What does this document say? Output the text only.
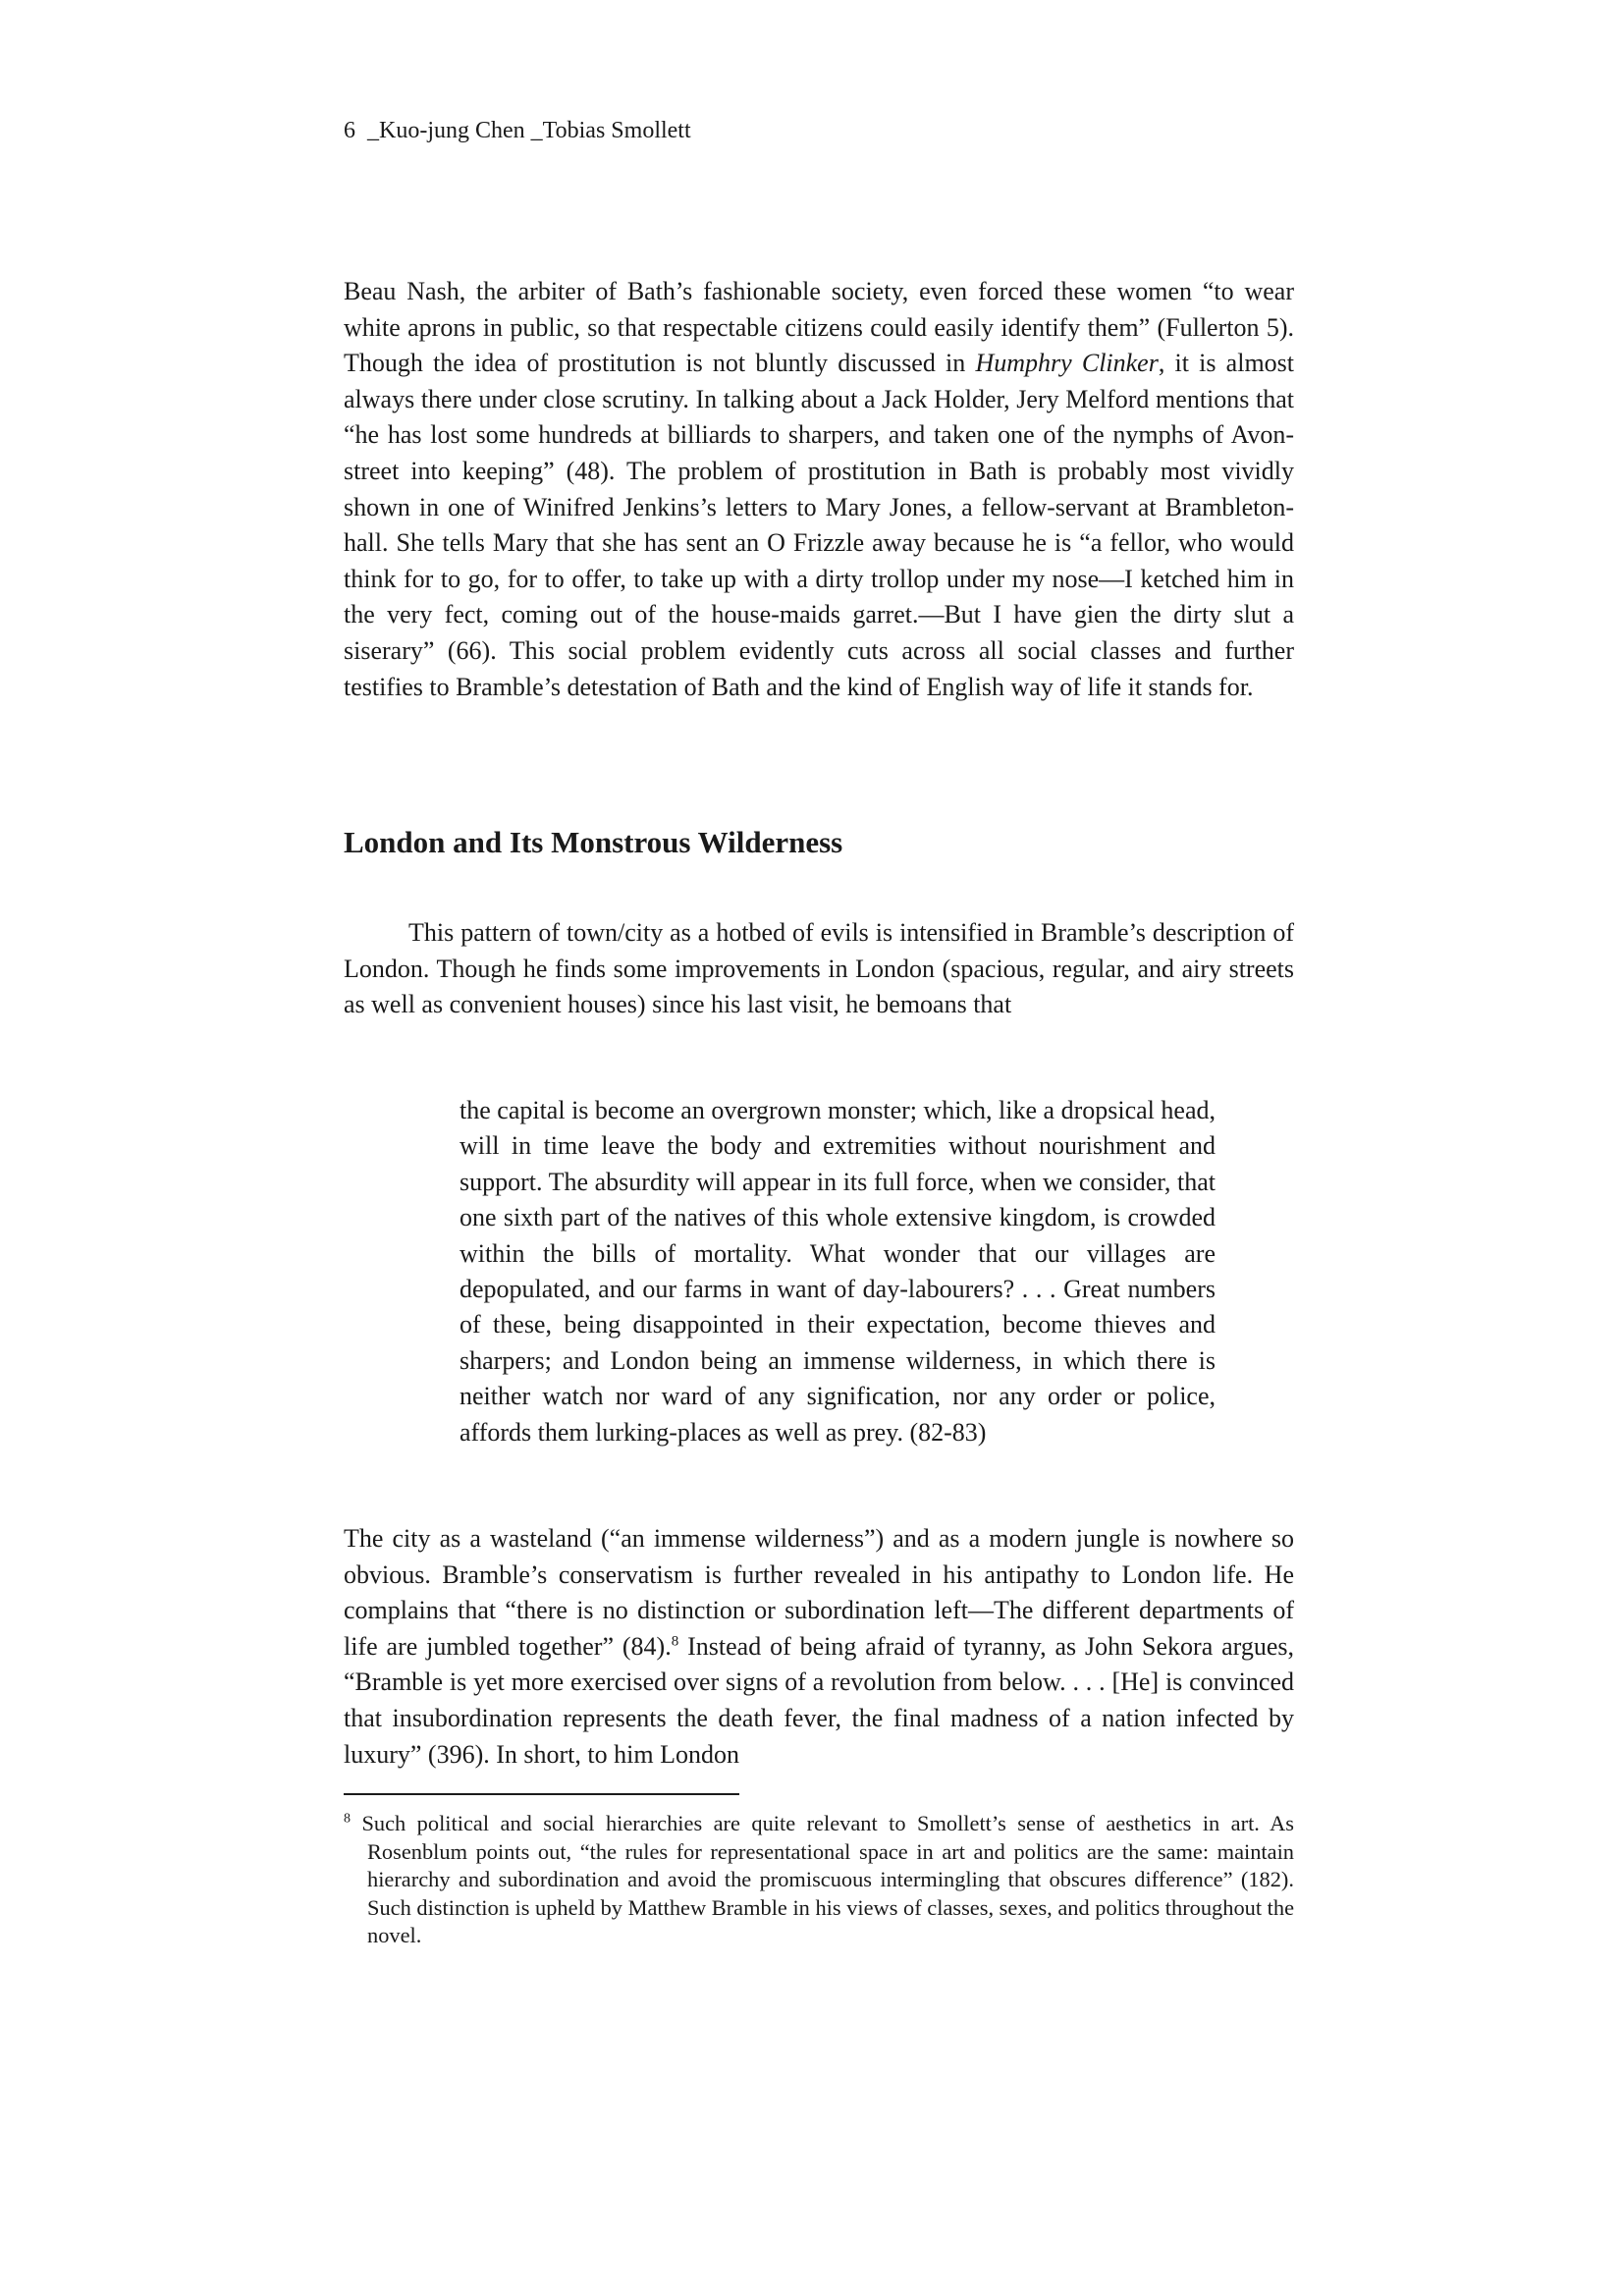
6 _Kuo-jung Chen _Tobias Smollett

Beau Nash, the arbiter of Bath’s fashionable society, even forced these women “to wear white aprons in public, so that respectable citizens could easily identify them” (Fullerton 5). Though the idea of prostitution is not bluntly discussed in Humphry Clinker, it is almost always there under close scrutiny. In talking about a Jack Holder, Jery Melford mentions that “he has lost some hundreds at billiards to sharpers, and taken one of the nymphs of Avon-street into keeping” (48). The problem of prostitution in Bath is probably most vividly shown in one of Winifred Jenkins’s letters to Mary Jones, a fellow-servant at Brambleton-hall. She tells Mary that she has sent an O Frizzle away because he is “a fellor, who would think for to go, for to offer, to take up with a dirty trollop under my nose—I ketched him in the very fect, coming out of the house-maids garret.—But I have gien the dirty slut a siserary” (66). This social problem evidently cuts across all social classes and further testifies to Bramble’s detestation of Bath and the kind of English way of life it stands for.

London and Its Monstrous Wilderness

This pattern of town/city as a hotbed of evils is intensified in Bramble’s description of London. Though he finds some improvements in London (spacious, regular, and airy streets as well as convenient houses) since his last visit, he bemoans that

the capital is become an overgrown monster; which, like a dropsical head, will in time leave the body and extremities without nourishment and support. The absurdity will appear in its full force, when we consider, that one sixth part of the natives of this whole extensive kingdom, is crowded within the bills of mortality. What wonder that our villages are depopulated, and our farms in want of day-labourers? . . . Great numbers of these, being disappointed in their expectation, become thieves and sharpers; and London being an immense wilderness, in which there is neither watch nor ward of any signification, nor any order or police, affords them lurking-places as well as prey. (82-83)

The city as a wasteland (“an immense wilderness”) and as a modern jungle is nowhere so obvious. Bramble’s conservatism is further revealed in his antipathy to London life. He complains that “there is no distinction or subordination left—The different departments of life are jumbled together” (84).$^8$ Instead of being afraid of tyranny, as John Sekora argues, “Bramble is yet more exercised over signs of a revolution from below. . . . [He] is convinced that insubordination represents the death fever, the final madness of a nation infected by luxury” (396). In short, to him London

$^8$ Such political and social hierarchies are quite relevant to Smollett’s sense of aesthetics in art. As Rosenblum points out, “the rules for representational space in art and politics are the same: maintain hierarchy and subordination and avoid the promiscuous intermingling that obscures difference” (182). Such distinction is upheld by Matthew Bramble in his views of classes, sexes, and politics throughout the novel.
